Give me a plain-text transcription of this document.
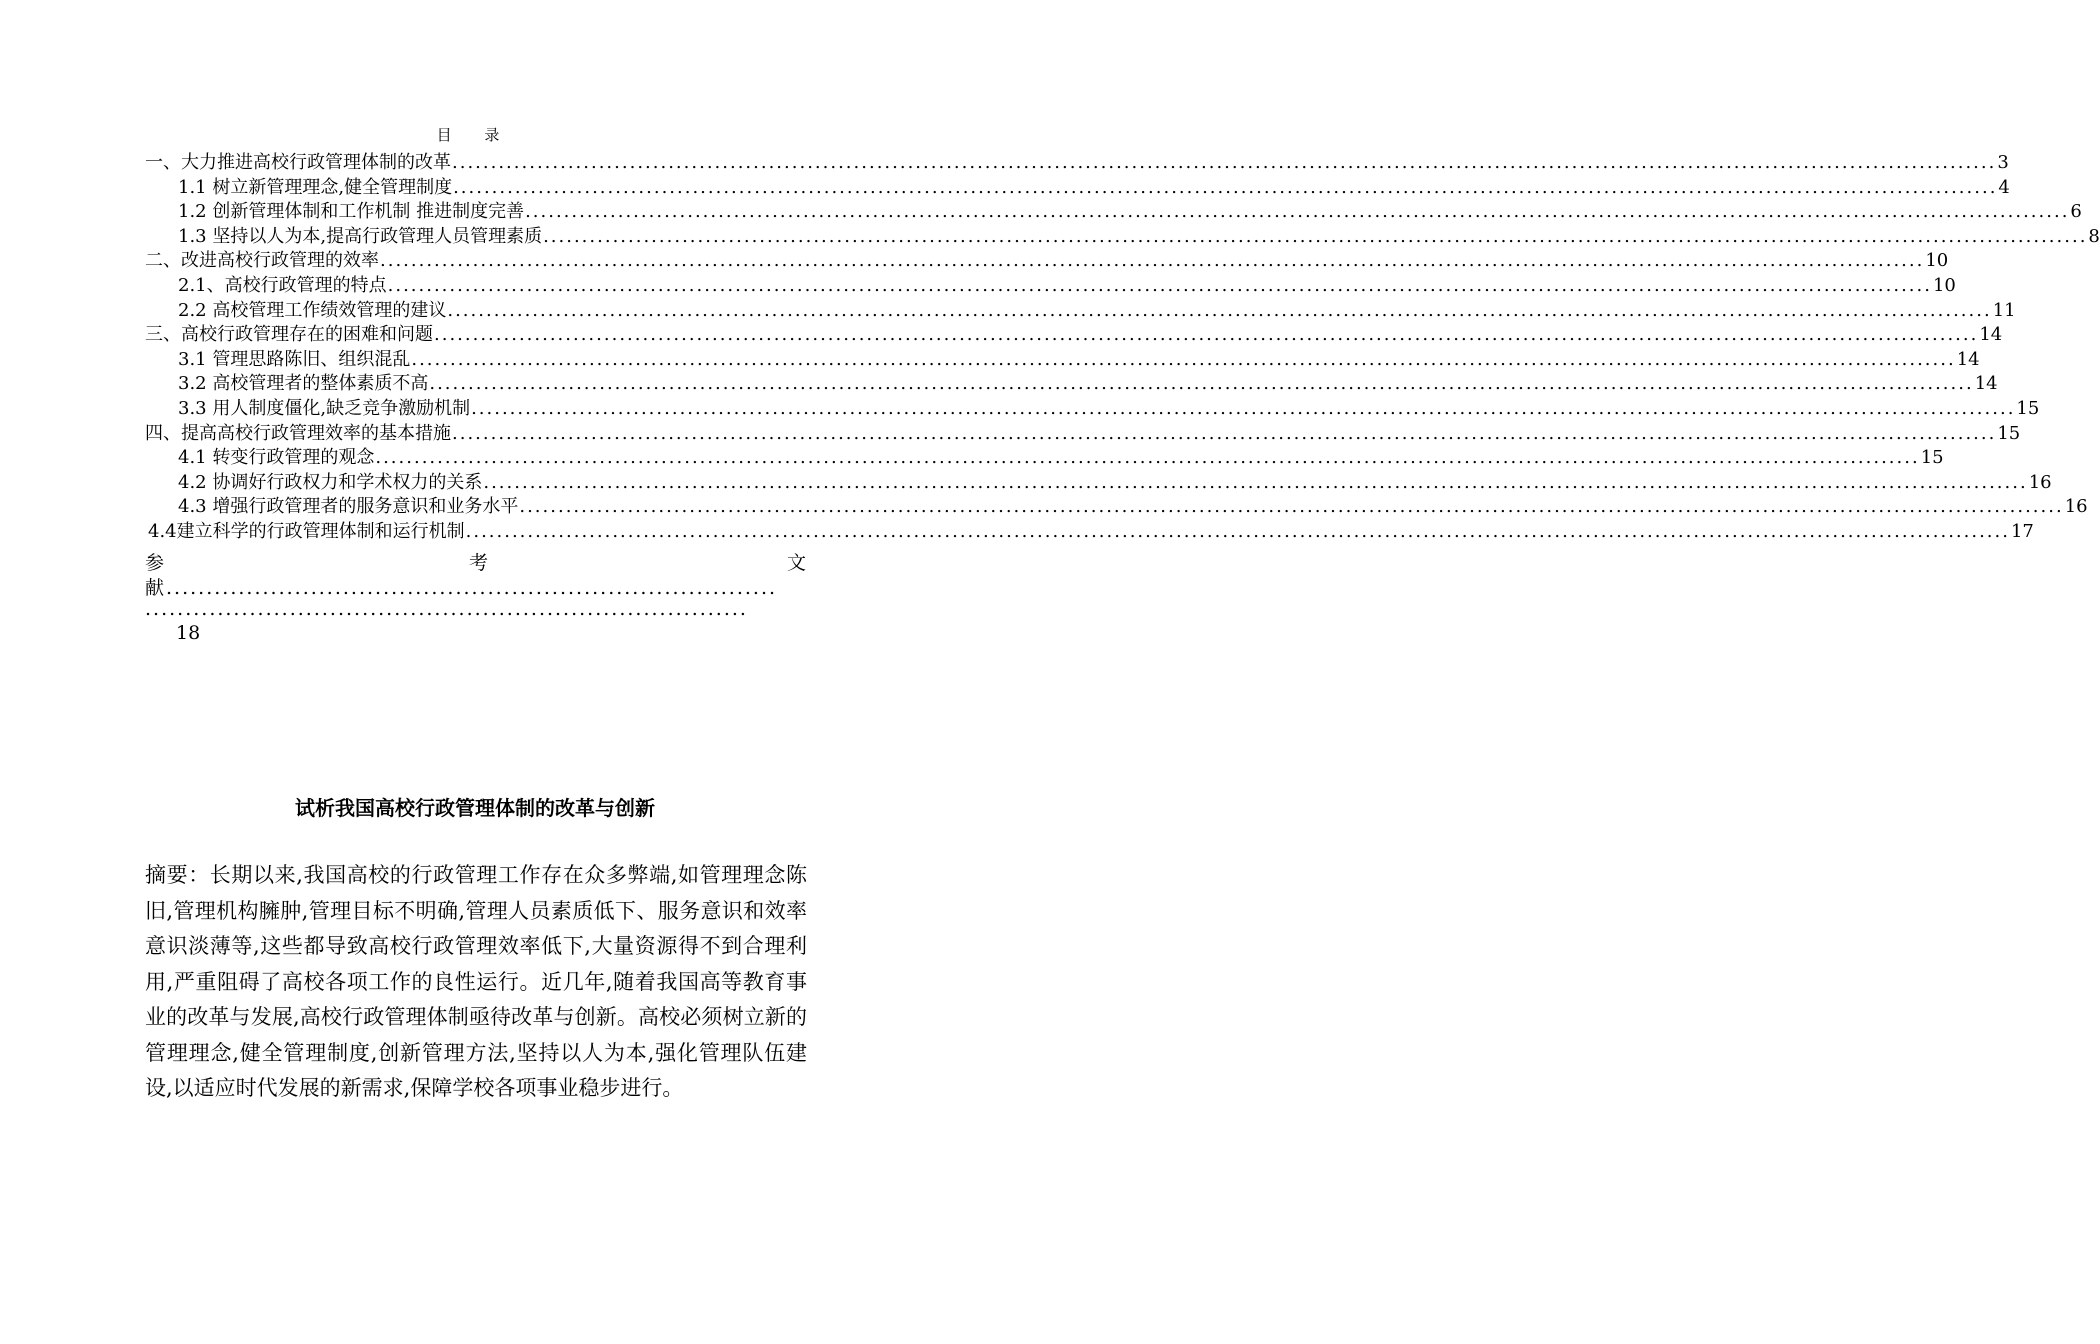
目 录
一、大力推进高校行政管理体制的改革 ........................................................................................................................................................................................................ 3
1.1 树立新管理理念,健全管理制度 ........................................................................................................................................................................................................ 4
1.2 创新管理体制和工作机制 推进制度完善 ........................................................................................................................................................................................................ 6
1.3 坚持以人为本,提高行政管理人员管理素质 ........................................................................................................................................................................................................ 8
二、改进高校行政管理的效率 ........................................................................................................................................................................................................ 10
2.1、高校行政管理的特点 ........................................................................................................................................................................................................ 10
2.2 高校管理工作绩效管理的建议 ........................................................................................................................................................................................................ 11
三、高校行政管理存在的困难和问题 ........................................................................................................................................................................................................ 14
3.1 管理思路陈旧、组织混乱 ........................................................................................................................................................................................................ 14
3.2 高校管理者的整体素质不高 ........................................................................................................................................................................................................ 14
3.3 用人制度僵化,缺乏竞争激励机制 ........................................................................................................................................................................................................ 15
四、提高高校行政管理效率的基本措施 ........................................................................................................................................................................................................ 15
4.1 转变行政管理的观念 ........................................................................................................................................................................................................ 15
4.2 协调好行政权力和学术权力的关系 ........................................................................................................................................................................................................ 16
4.3 增强行政管理者的服务意识和业务水平 ........................................................................................................................................................................................................ 16
4.4建立科学的行政管理体制和运行机制 ........................................................................................................................................................................................................ 17
参	考	文
献............................................................................
...........................................................................
18
试析我国高校行政管理体制的改革与创新
摘要：长期以来,我国高校的行政管理工作存在众多弊端,如管理理念陈旧,管理机构臃肿,管理目标不明确,管理人员素质低下、服务意识和效率意识淡薄等,这些都导致高校行政管理效率低下,大量资源得不到合理利用,严重阻碍了高校各项工作的良性运行。近几年,随着我国高等教育事业的改革与发展,高校行政管理体制亟待改革与创新。高校必须树立新的管理理念,健全管理制度,创新管理方法,坚持以人为本,强化管理队伍建设,以适应时代发展的新需求,保障学校各项事业稳步进行。
